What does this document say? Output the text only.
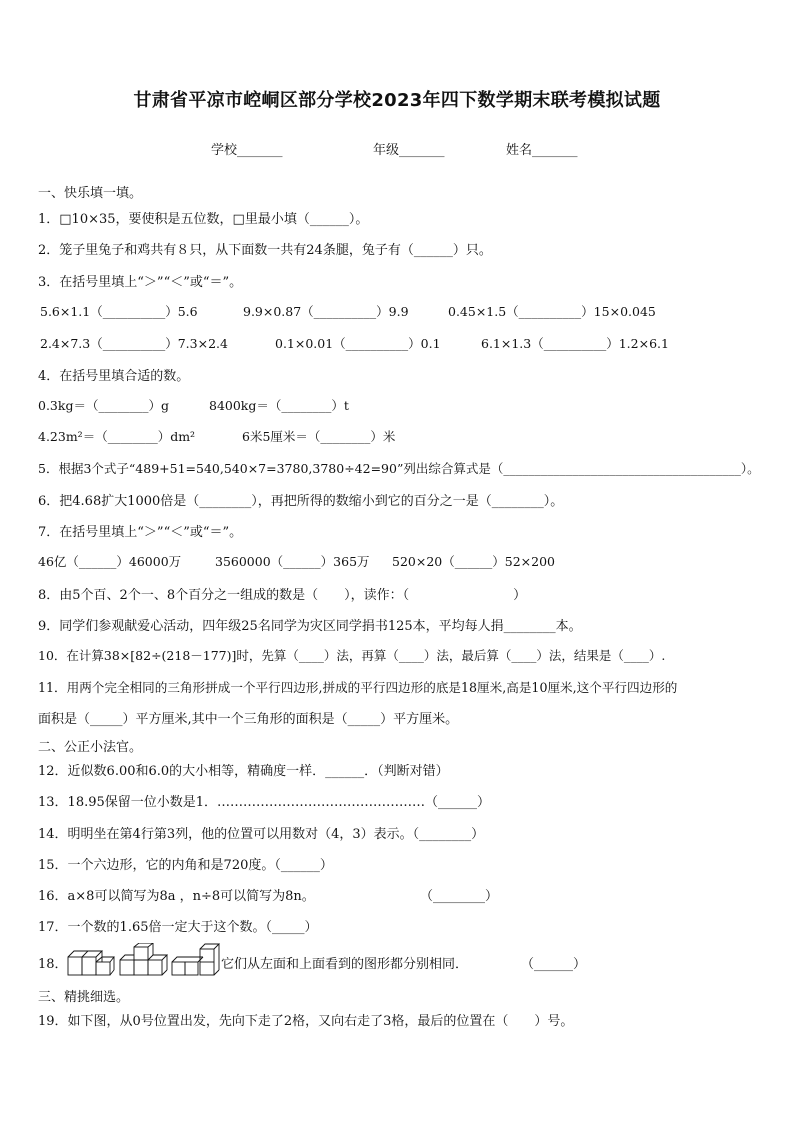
甘肃省平凉市崆峒区部分学校2023年四下数学期末联考模拟试题
学校_______	年级_______	姓名_______
一、快乐填一填。
1．□10×35，要使积是五位数，□里最小填（______）。
2．笼子里兔子和鸡共有８只，从下面数一共有24条腿，兔子有（______）只。
3．在括号里填上“＞”“＜”或“＝”。
5.6×1.1（__________）5.6	9.9×0.87（__________）9.9	0.45×1.5（__________）15×0.045
2.4×7.3（__________）7.3×2.4	0.1×0.01（__________）0.1	6.1×1.3（__________）1.2×6.1
4．在括号里填合适的数。
0.3kg＝（________）g	8400kg＝（________）t
4.23m²＝（________）dm²	6米5厘米＝（________）米
5．根据3个式子“489+51=540,540×7=3780,3780÷42=90”列出综合算式是（______________________________________）。
6．把4.68扩大1000倍是（________），再把所得的数缩小到它的百分之一是（________）。
7．在括号里填上“＞”“＜”或“＝”。
46亿（______）46000万	3560000（______）365万 520×20（______）52×200
8．由5个百、2个一、8个百分之一组成的数是（　　），读作：（　　　　　　　　）
9．同学们参观献爱心活动，四年级25名同学为灾区同学捐书125本，平均每人捐________本。
10．在计算38×[82÷(218－177)]时，先算（____）法，再算（____）法，最后算（____）法，结果是（____）.
11．用两个完全相同的三角形拼成一个平行四边形,拼成的平行四边形的底是18厘米,高是10厘米,这个平行四边形的
面积是（_____）平方厘米,其中一个三角形的面积是（_____）平方厘米。
二、公正小法官。
12．近似数6.00和6.0的大小相等，精确度一样．______．（判断对错）
13．18.95保留一位小数是1．…………………………………………（______）
14．明明坐在第4行第3列，他的位置可以用数对（4，3）表示。（________）
15．一个六边形，它的内角和是720度。（______）
16．a×8可以简写为8a ，n÷8可以简写为8n。	（________）
17．一个数的1.65倍一定大于这个数。（_____）
18．	它们从左面和上面看到的图形都分别相同．	（______）
三、精挑细选。
19．如下图，从0号位置出发，先向下走了2格，又向右走了3格，最后的位置在（　　）号。
